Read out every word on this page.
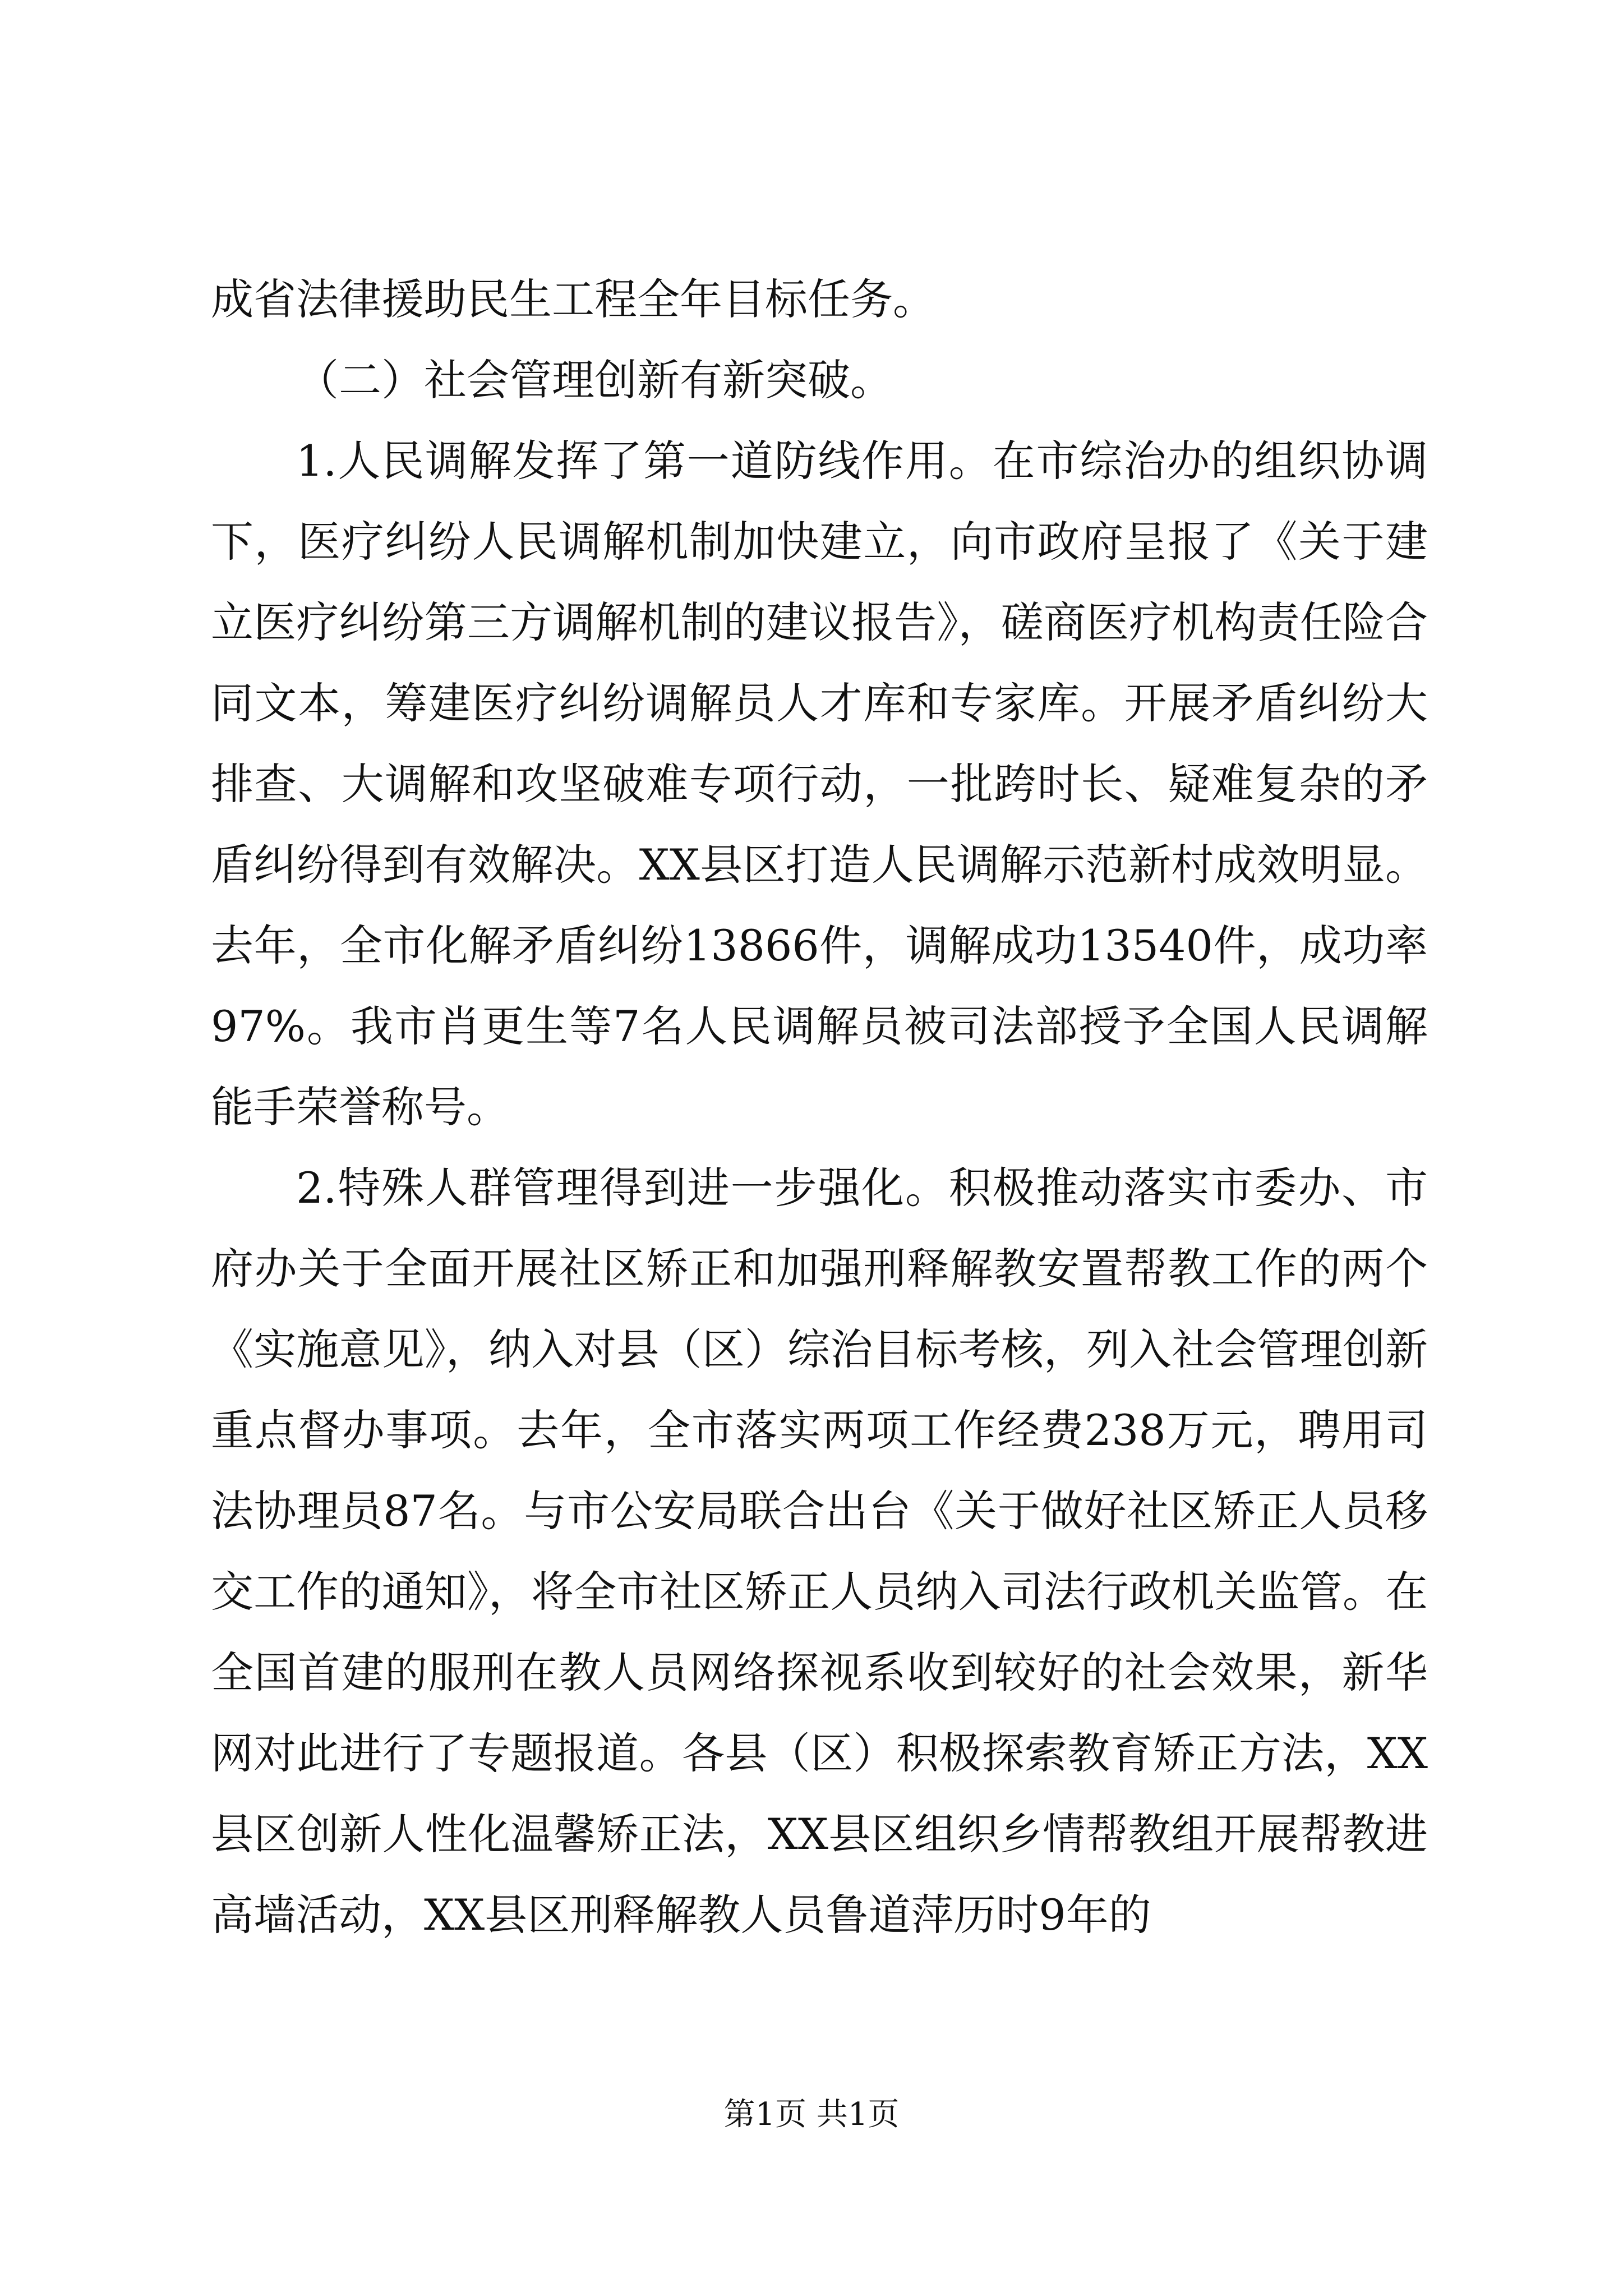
成省法律援助民生工程全年目标任务。

（二）社会管理创新有新突破。

1.人民调解发挥了第一道防线作用。在市综治办的组织协调下，医疗纠纷人民调解机制加快建立，向市政府呈报了《关于建立医疗纠纷第三方调解机制的建议报告》，磋商医疗机构责任险合同文本，筹建医疗纠纷调解员人才库和专家库。开展矛盾纠纷大排查、大调解和攻坚破难专项行动，一批跨时长、疑难复杂的矛盾纠纷得到有效解决。XX县区打造人民调解示范新村成效明显。去年，全市化解矛盾纠纷13866件，调解成功13540件，成功率97%。我市肖更生等7名人民调解员被司法部授予全国人民调解能手荣誉称号。

2.特殊人群管理得到进一步强化。积极推动落实市委办、市府办关于全面开展社区矫正和加强刑释解教安置帮教工作的两个《实施意见》，纳入对县（区）综治目标考核，列入社会管理创新重点督办事项。去年，全市落实两项工作经费238万元，聘用司法协理员87名。与市公安局联合出台《关于做好社区矫正人员移交工作的通知》，将全市社区矫正人员纳入司法行政机关监管。在全国首建的服刑在教人员网络探视系收到较好的社会效果，新华网对此进行了专题报道。各县（区）积极探索教育矫正方法，XX县区创新人性化温馨矫正法，XX县区组织乡情帮教组开展帮教进高墙活动，XX县区刑释解教人员鲁道萍历时9年的

第1页 共1页
